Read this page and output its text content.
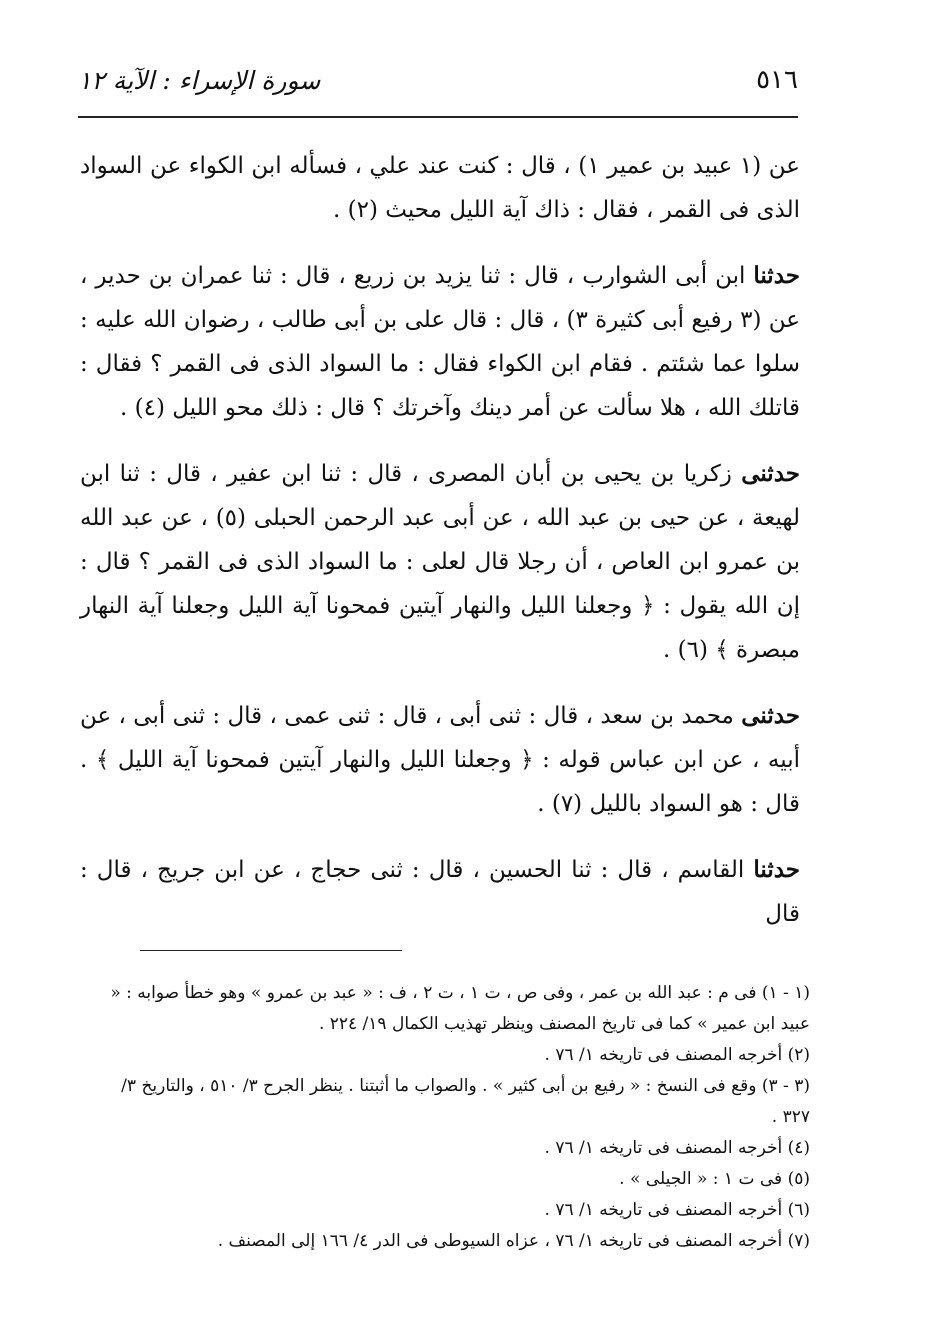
٥١٦
سورة الإسراء : الآية ١٢

عن (١ عبيد بن عمير ١) ، قال : كنت عند علي ، فسأله ابن الكواء عن السواد الذى فى القمر ، فقال : ذاك آية الليل محيث (٢) .

حدثنا ابن أبى الشوارب ، قال : ثنا يزيد بن زريع ، قال : ثنا عمران بن حدير ، عن (٣ رفيع أبى كثيرة ٣) ، قال : قال على بن أبى طالب ، رضوان الله عليه : سلوا عما شئتم . فقام ابن الكواء فقال : ما السواد الذى فى القمر ؟ فقال : قاتلك الله ، هلا سألت عن أمر دينك وآخرتك ؟ قال : ذلك محو الليل (٤) .

حدثنى زكريا بن يحيى بن أبان المصرى ، قال : ثنا ابن عفير ، قال : ثنا ابن لهيعة ، عن حيى بن عبد الله ، عن أبى عبد الرحمن الحبلى (٥) ، عن عبد الله بن عمرو ابن العاص ، أن رجلا قال لعلى : ما السواد الذى فى القمر ؟ قال : إن الله يقول : ﴿ وجعلنا الليل والنهار آيتين فمحونا آية الليل وجعلنا آية النهار مبصرة ﴾ (٦) .

حدثنى محمد بن سعد ، قال : ثنى أبى ، قال : ثنى عمى ، قال : ثنى أبى ، عن أبيه ، عن ابن عباس قوله : ﴿ وجعلنا الليل والنهار آيتين فمحونا آية الليل ﴾ . قال : هو السواد بالليل (٧) .

حدثنا القاسم ، قال : ثنا الحسين ، قال : ثنى حجاج ، عن ابن جريج ، قال : قال

(١ - ١) فى م : عبد الله بن عمر ، وفى ص ، ت ١ ، ت ٢ ، ف : « عبد بن عمرو » وهو خطأ صوابه : « عبيد ابن عمير » كما فى تاريخ المصنف وينظر تهذيب الكمال ١٩/ ٢٢٤ .

(٢) أخرجه المصنف فى تاريخه ١/ ٧٦ .

(٣ - ٣) وقع فى النسخ : « رفيع بن أبى كثير » . والصواب ما أثبتنا . ينظر الجرح ٣/ ٥١٠ ، والتاريخ ٣/ ٣٢٧ .

(٤) أخرجه المصنف فى تاريخه ١/ ٧٦ .

(٥) فى ت ١ : « الجيلى » .

(٦) أخرجه المصنف فى تاريخه ١/ ٧٦ .

(٧) أخرجه المصنف فى تاريخه ١/ ٧٦ ، عزاه السيوطى فى الدر ٤/ ١٦٦ إلى المصنف .
